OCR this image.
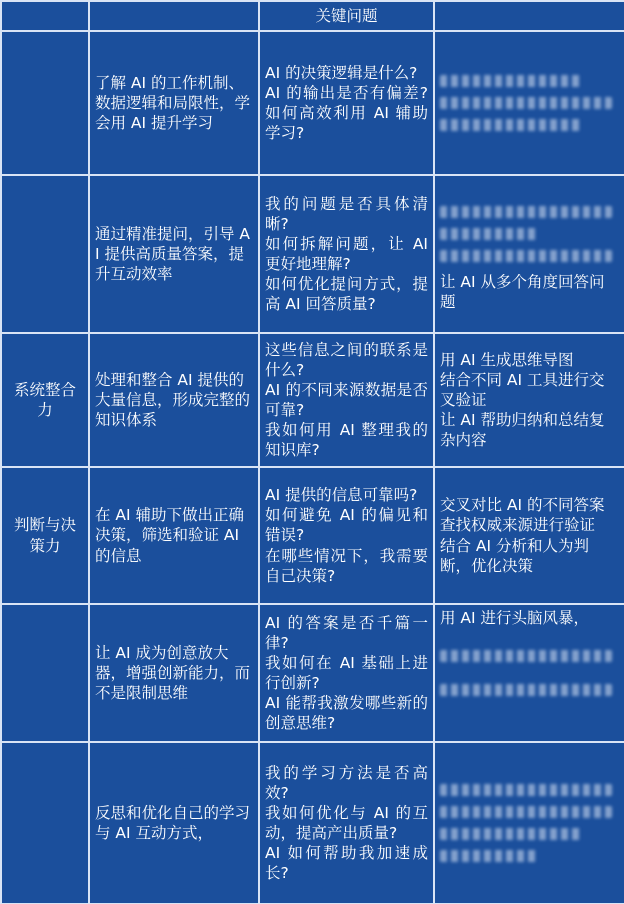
		关键问题	
	了解 AI 的工作机制、数据逻辑和局限性，学会用 AI 提升学习	AI 的决策逻辑是什么?
AI 的输出是否有偏差? 如何高效利用 AI 辅助学习?	

	通过精准提问，引导 AI 提供高质量答案，提升互动效率	我的问题是否具体清晰?
如何拆解问题，让 AI 更好地理解?
如何优化提问方式，提高 AI 回答质量?	让 AI 从多个角度回答问题

系统整合力	处理和整合 AI 提供的大量信息，形成完整的知识体系	这些信息之间的联系是什么?
AI 的不同来源数据是否可靠?
我如何用 AI 整理我的知识库?	用 AI 生成思维导图
结合不同 AI 工具进行交叉验证
让 AI 帮助归纳和总结复杂内容

判断与决策力	在 AI 辅助下做出正确决策，筛选和验证 AI 的信息	AI 提供的信息可靠吗?
如何避免 AI 的偏见和错误?
在哪些情况下，我需要自己决策?	交叉对比 AI 的不同答案
查找权威来源进行验证
结合 AI 分析和人为判断，优化决策

	让 AI 成为创意放大器，增强创新能力，而不是限制思维	AI 的答案是否千篇一律?
我如何在 AI 基础上进行创新?
AI 能帮我激发哪些新的创意思维?	用 AI 进行头脑风暴，

	反思和优化自己的学习与 AI 互动方式，	我的学习方法是否高效?
我如何优化与 AI 的互动，提高产出质量?
AI 如何帮助我加速成长?	
